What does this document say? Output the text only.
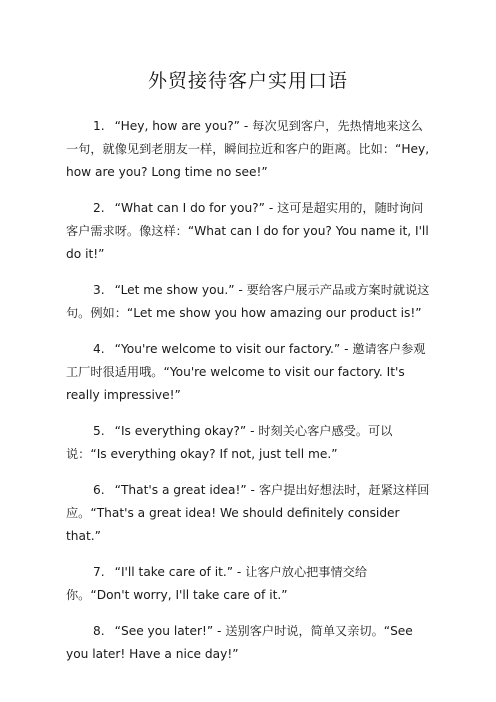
外贸接待客户实用口语
1. “Hey, how are you?” - 每次见到客户，先热情地来这么一句，就像见到老朋友一样，瞬间拉近和客户的距离。比如：“Hey, how are you? Long time no see!”
2. “What can I do for you?” - 这可是超实用的，随时询问客户需求呀。像这样：“What can I do for you? You name it, I'll do it!”
3. “Let me show you.” - 要给客户展示产品或方案时就说这句。例如：“Let me show you how amazing our product is!”
4. “You're welcome to visit our factory.” - 邀请客户参观工厂时很适用哦。“You're welcome to visit our factory. It's really impressive!”
5. “Is everything okay?” - 时刻关心客户感受。可以说：“Is everything okay? If not, just tell me.”
6. “That's a great idea!” - 客户提出好想法时，赶紧这样回应。“That's a great idea! We should definitely consider that.”
7. “I'll take care of it.” - 让客户放心把事情交给你。“Don't worry, I'll take care of it.”
8. “See you later!” - 送别客户时说，简单又亲切。“See you later! Have a nice day!”
